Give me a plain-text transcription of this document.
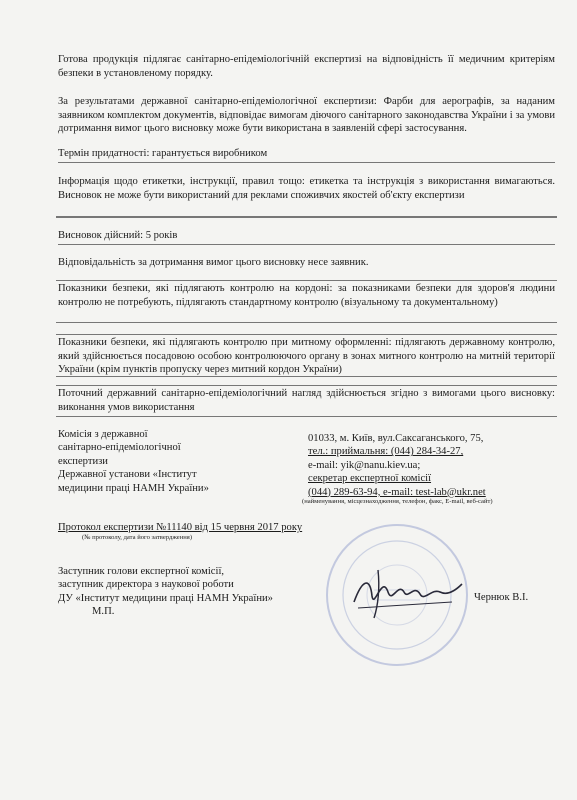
Готова продукція підлягає санітарно-епідеміологічній експертизі на відповідність її медичним критеріям безпеки в установленому порядку.
За результатами державної санітарно-епідеміологічної експертизи: Фарби для аерографів, за наданим заявником комплектом документів, відповідає вимогам діючого санітарного законодавства України і за умови дотримання вимог цього висновку може бути використана в заявленій сфері застосування.
Термін придатності: гарантується виробником
Інформація щодо етикетки, інструкції, правил тощо: етикетка та інструкція з використання вимагаються. Висновок не може бути використаний для реклами споживчих якостей об'єкту експертизи
Висновок дійсний: 5 років
Відповідальність за дотримання вимог цього висновку несе заявник.
Показники безпеки, які підлягають контролю на кордоні: за показниками безпеки для здоров'я людини контролю не потребують, підлягають стандартному контролю (візуальному та документальному)
Показники безпеки, які підлягають контролю при митному оформленні: підлягають державному контролю, який здійснюється посадовою особою контролюючого органу в зонах митного контролю на митній території України (крім пунктів пропуску через митний кордон України)
Поточний державний санітарно-епідеміологічний нагляд здійснюється згідно з вимогами цього висновку: виконання умов використання
Комісія з державної
санітарно-епідеміологічної
експертизи
Державної установи «Інститут
медицини праці НАМН України»
01033, м. Київ, вул.Саксаганського, 75,
тел.: приймальня: (044) 284-34-27,
e-mail: yik@nanu.kiev.ua;
секретар експертної комісії
(044) 289-63-94, e-mail: test-lab@ukr.net
(найменування, місцезнаходження, телефон, факс, E-mail, веб-сайт)
Протокол експертизи №11140 від 15 червня 2017 року
(№ протоколу, дата його затвердження)
Заступник голови експертної комісії,
заступник директора з наукової роботи
ДУ «Інститут медицини праці НАМН України»
М.П.
Чернюк В.І.
